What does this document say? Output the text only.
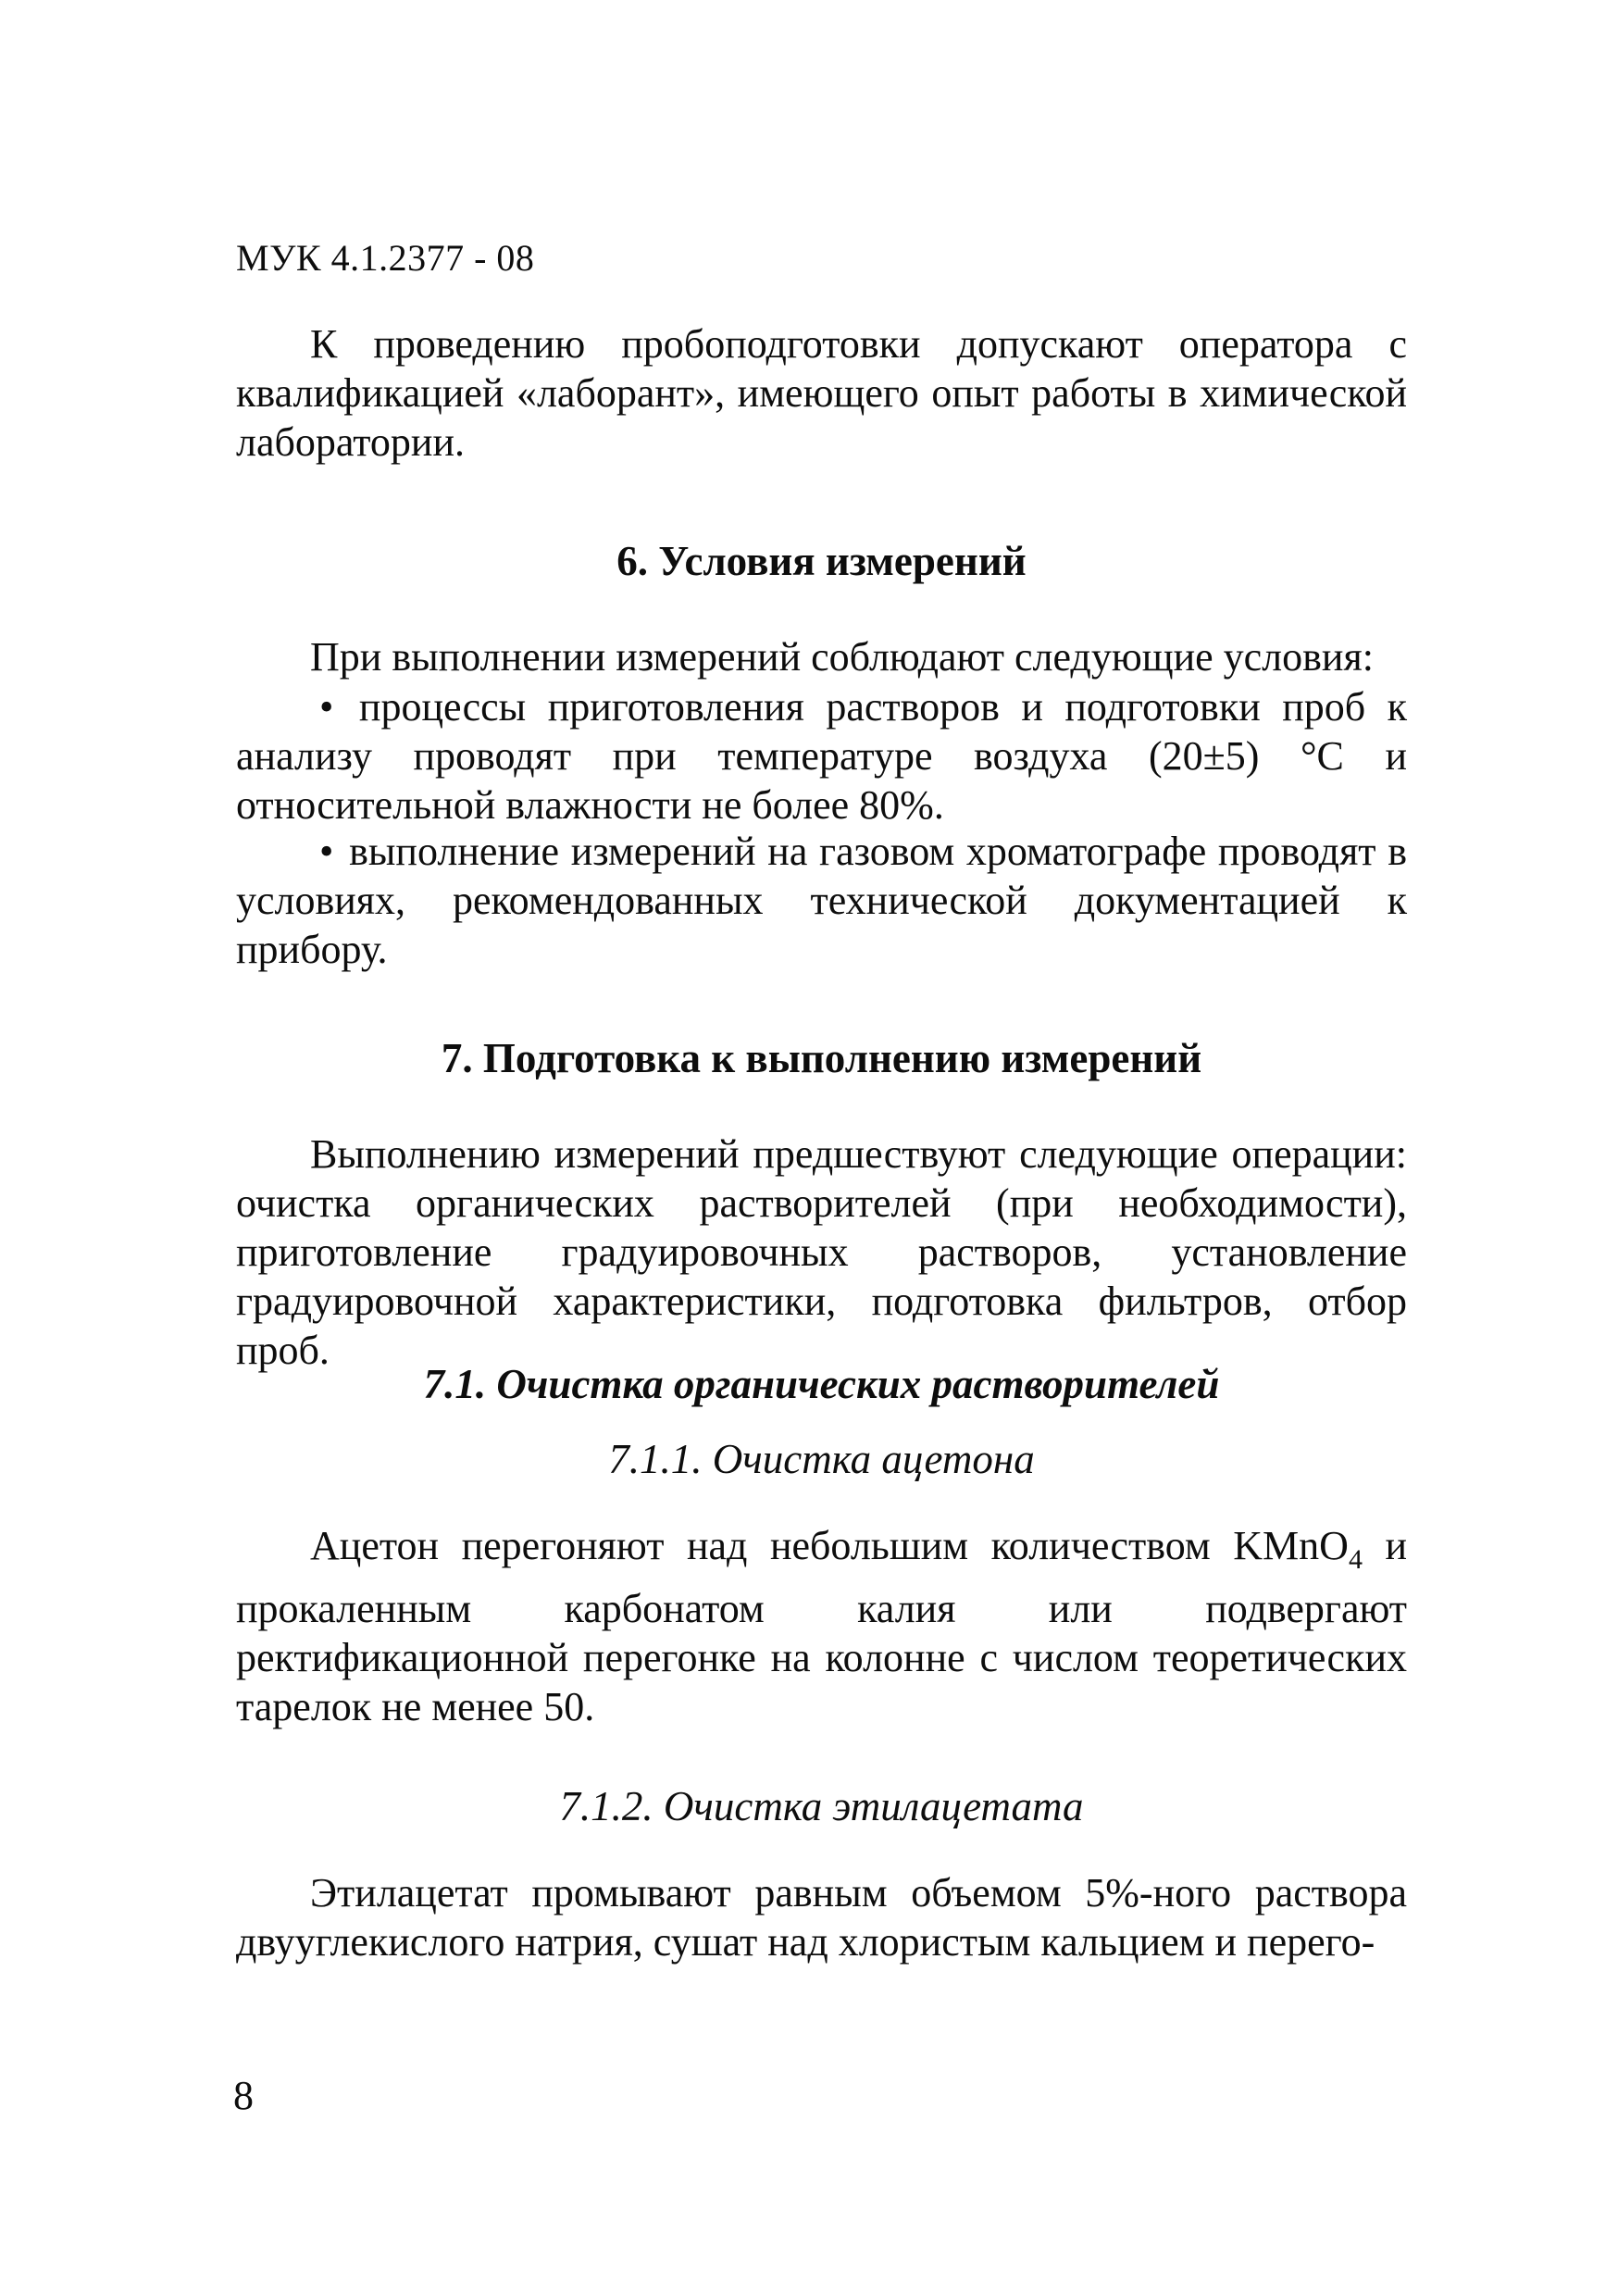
МУК 4.1.2377 - 08
К проведению пробоподготовки допускают оператора с квалификацией «лаборант», имеющего опыт работы в химической лаборатории.
6. Условия измерений
При выполнении измерений соблюдают следующие условия:
• процессы приготовления растворов и подготовки проб к анализу проводят при температуре воздуха (20±5) °С и относительной влажности не более 80%.
• выполнение измерений на газовом хроматографе проводят в условиях, рекомендованных технической документацией к прибору.
7. Подготовка к выполнению измерений
Выполнению измерений предшествуют следующие операции: очистка органических растворителей (при необходимости), приготовление градуировочных растворов, установление градуировочной характеристики, подготовка фильтров, отбор проб.
7.1. Очистка органических растворителей
7.1.1. Очистка ацетона
Ацетон перегоняют над небольшим количеством KMnO$_4$ и прокаленным карбонатом калия или подвергают ректификационной перегонке на колонне с числом теоретических тарелок не менее 50.
7.1.2. Очистка этилацетата
Этилацетат промывают равным объемом 5%-ного раствора двууглекислого натрия, сушат над хлористым кальцием и перего-
8
